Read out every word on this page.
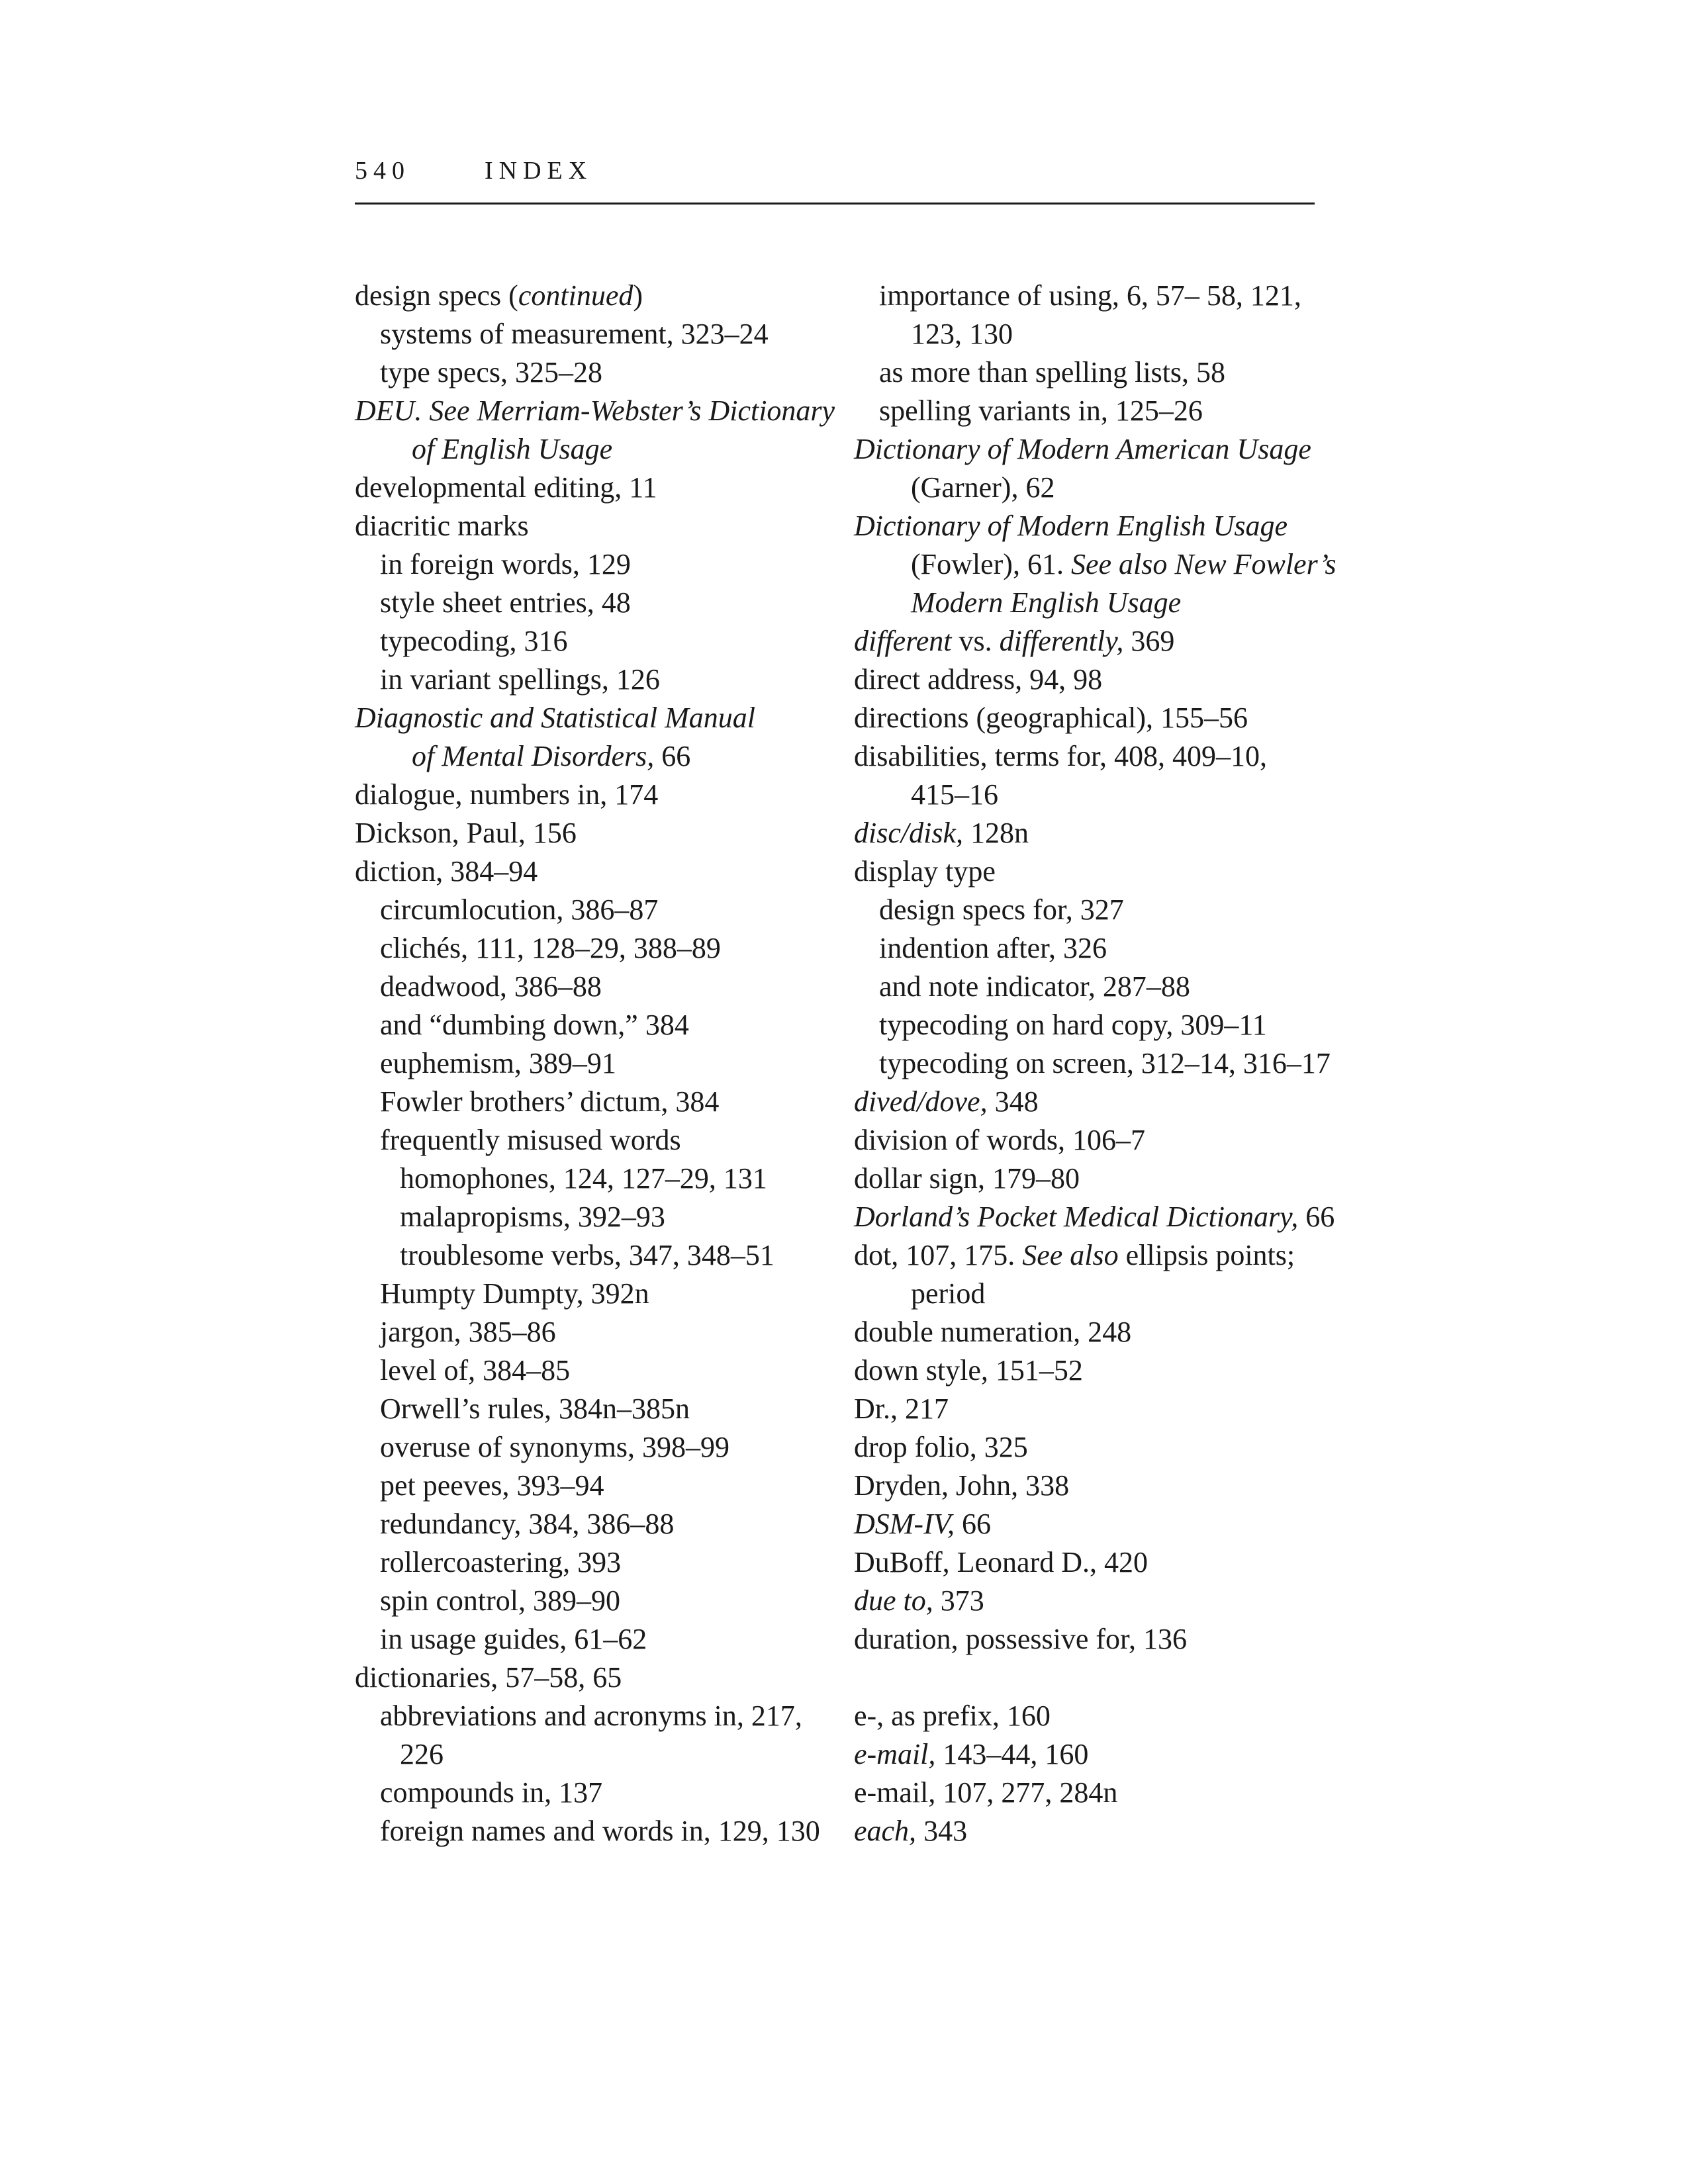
540	INDEX
design specs (continued)
systems of measurement, 323–24
type specs, 325–28
DEU. See Merriam-Webster’s Dictionary
of English Usage
developmental editing, 11
diacritic marks
in foreign words, 129
style sheet entries, 48
typecoding, 316
in variant spellings, 126
Diagnostic and Statistical Manual
of Mental Disorders, 66
dialogue, numbers in, 174
Dickson, Paul, 156
diction, 384–94
circumlocution, 386–87
clichés, 111, 128–29, 388–89
deadwood, 386–88
and “dumbing down,” 384
euphemism, 389–91
Fowler brothers’ dictum, 384
frequently misused words
homophones, 124, 127–29, 131
malapropisms, 392–93
troublesome verbs, 347, 348–51
Humpty Dumpty, 392n
jargon, 385–86
level of, 384–85
Orwell’s rules, 384n–385n
overuse of synonyms, 398–99
pet peeves, 393–94
redundancy, 384, 386–88
rollercoastering, 393
spin control, 389–90
in usage guides, 61–62
dictionaries, 57–58, 65
abbreviations and acronyms in, 217,
226
compounds in, 137
foreign names and words in, 129, 130
importance of using, 6, 57– 58, 121,
123, 130
as more than spelling lists, 58
spelling variants in, 125–26
Dictionary of Modern American Usage
(Garner), 62
Dictionary of Modern English Usage
(Fowler), 61. See also New Fowler’s
Modern English Usage
different vs. differently, 369
direct address, 94, 98
directions (geographical), 155–56
disabilities, terms for, 408, 409–10,
415–16
disc/disk, 128n
display type
design specs for, 327
indention after, 326
and note indicator, 287–88
typecoding on hard copy, 309–11
typecoding on screen, 312–14, 316–17
dived/dove, 348
division of words, 106–7
dollar sign, 179–80
Dorland’s Pocket Medical Dictionary, 66
dot, 107, 175. See also ellipsis points;
period
double numeration, 248
down style, 151–52
Dr., 217
drop folio, 325
Dryden, John, 338
DSM-IV, 66
DuBoff, Leonard D., 420
due to, 373
duration, possessive for, 136
e-, as prefix, 160
e-mail, 143–44, 160
e-mail, 107, 277, 284n
each, 343
